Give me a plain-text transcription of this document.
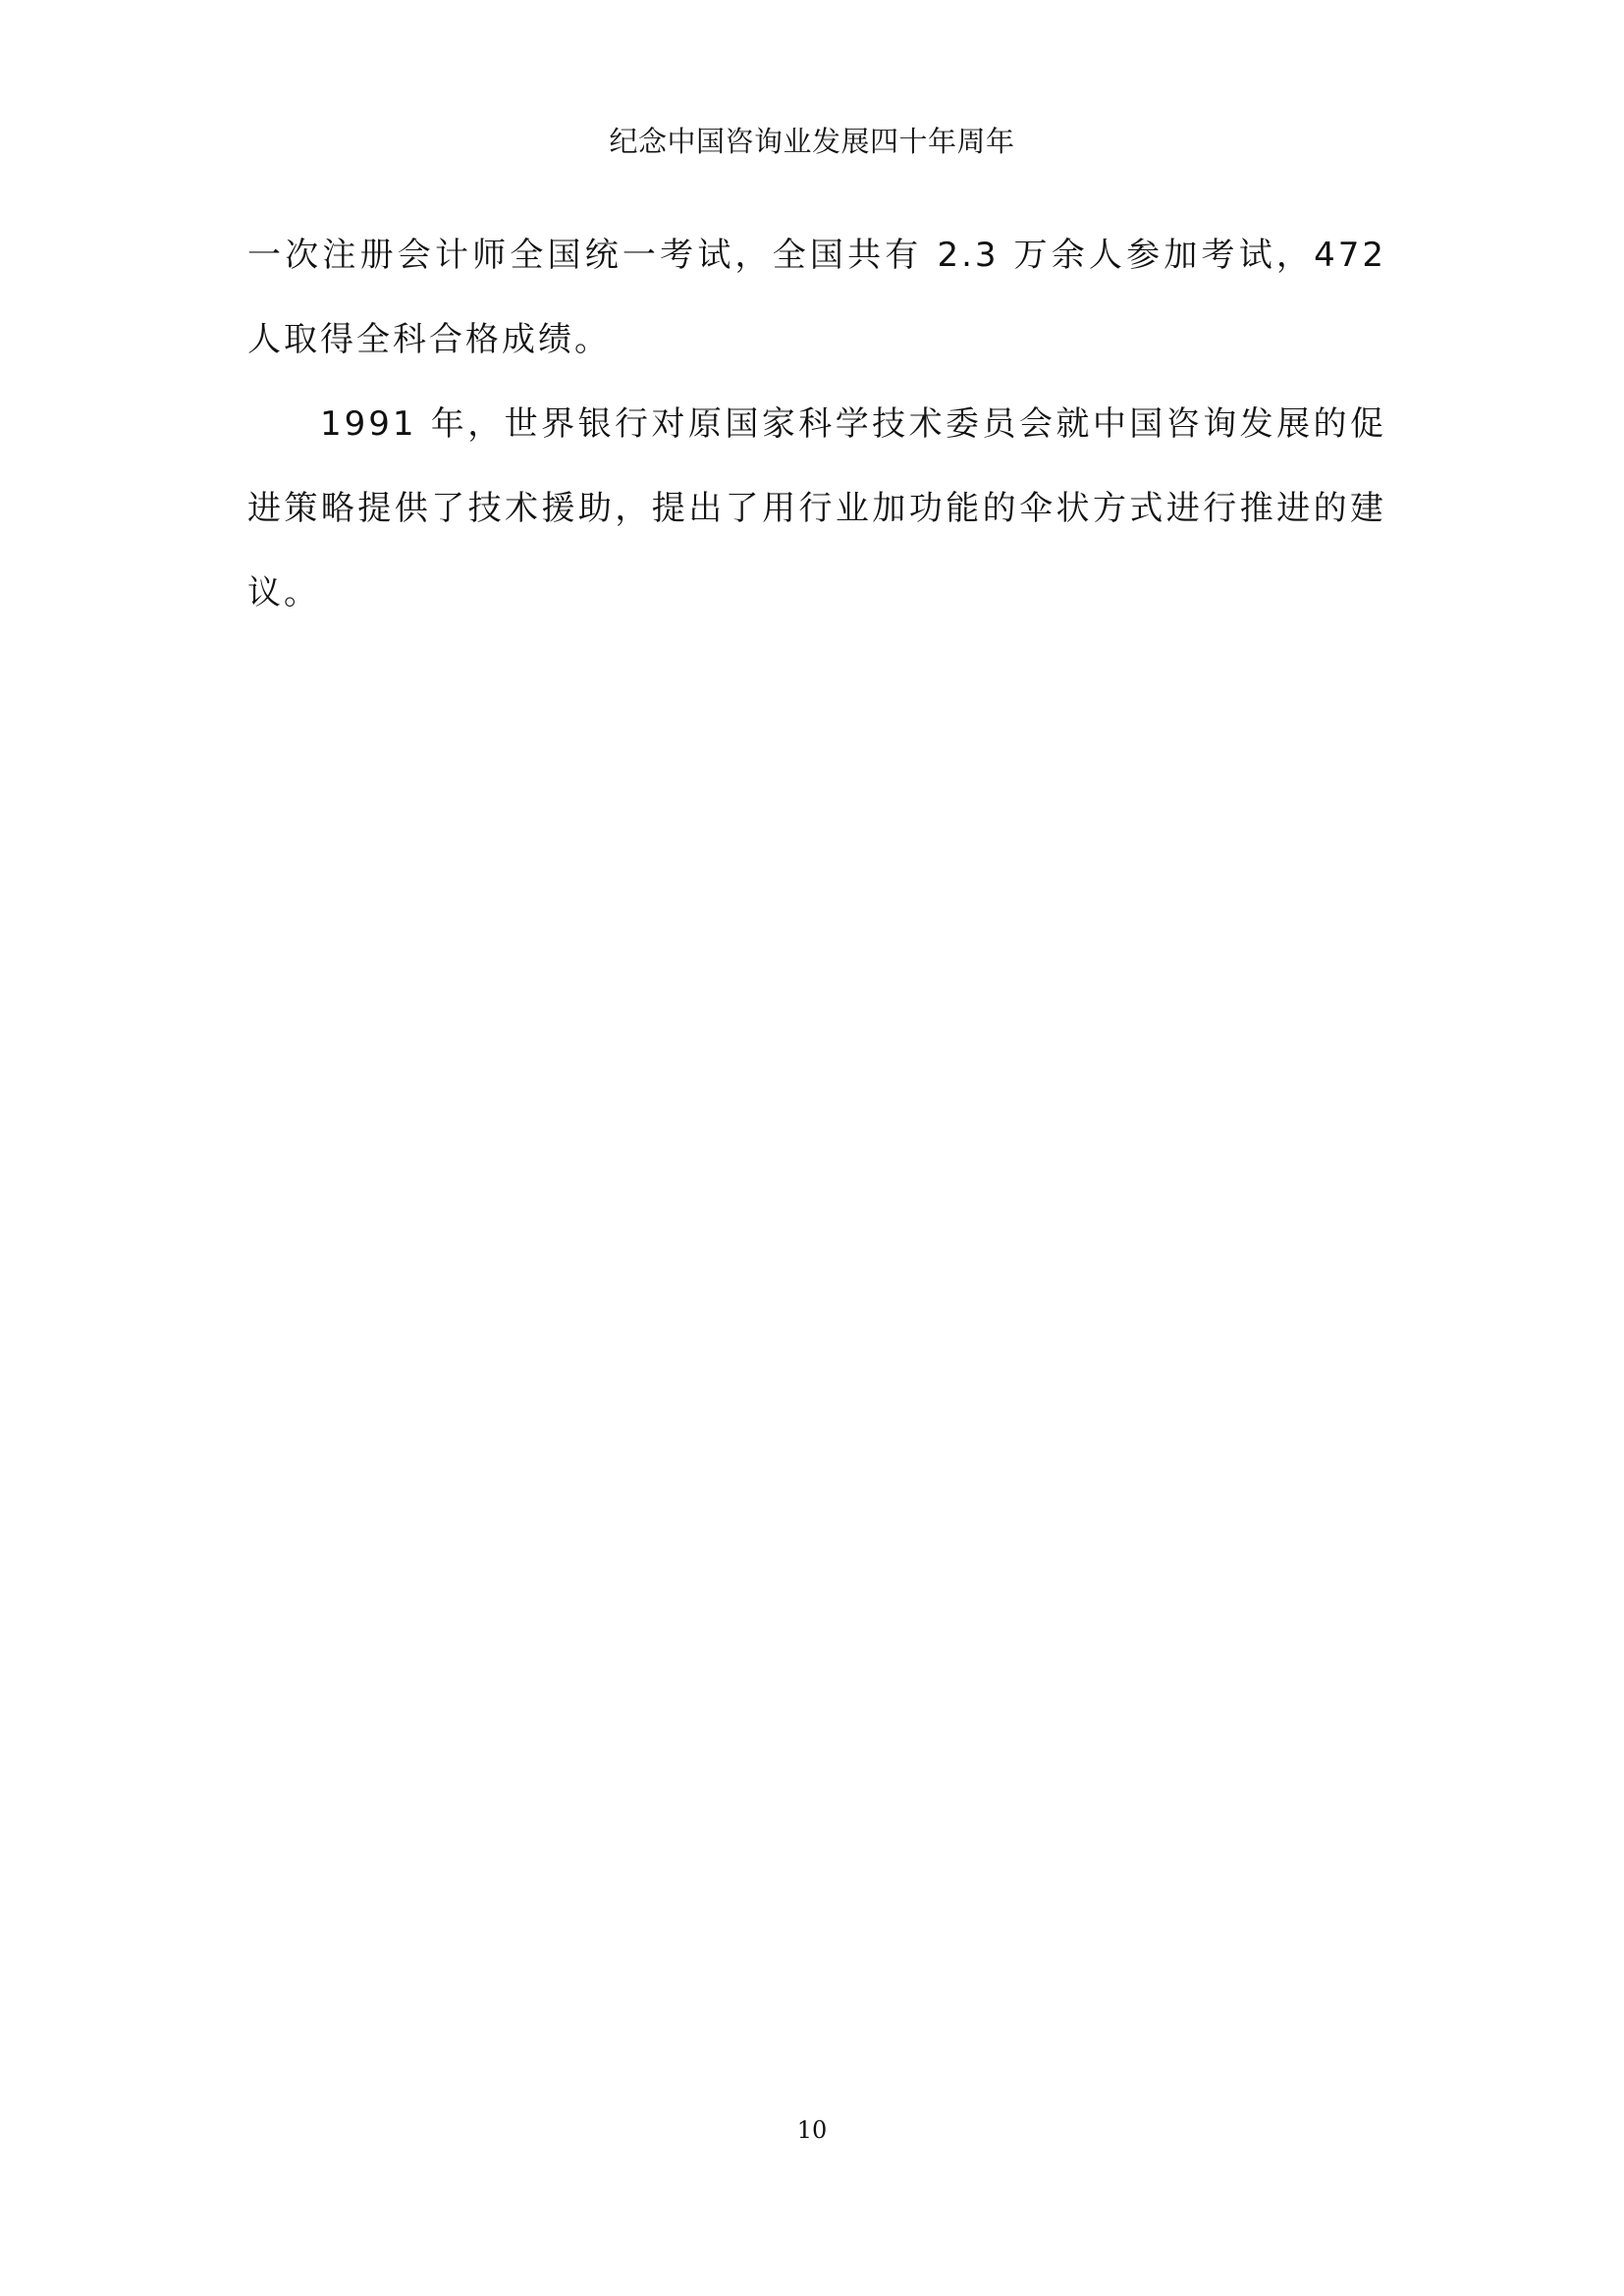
纪念中国咨询业发展四十年周年

一次注册会计师全国统一考试，全国共有 2.3 万余人参加考试，472 人取得全科合格成绩。

1991 年，世界银行对原国家科学技术委员会就中国咨询发展的促进策略提供了技术援助，提出了用行业加功能的伞状方式进行推进的建议。

10
